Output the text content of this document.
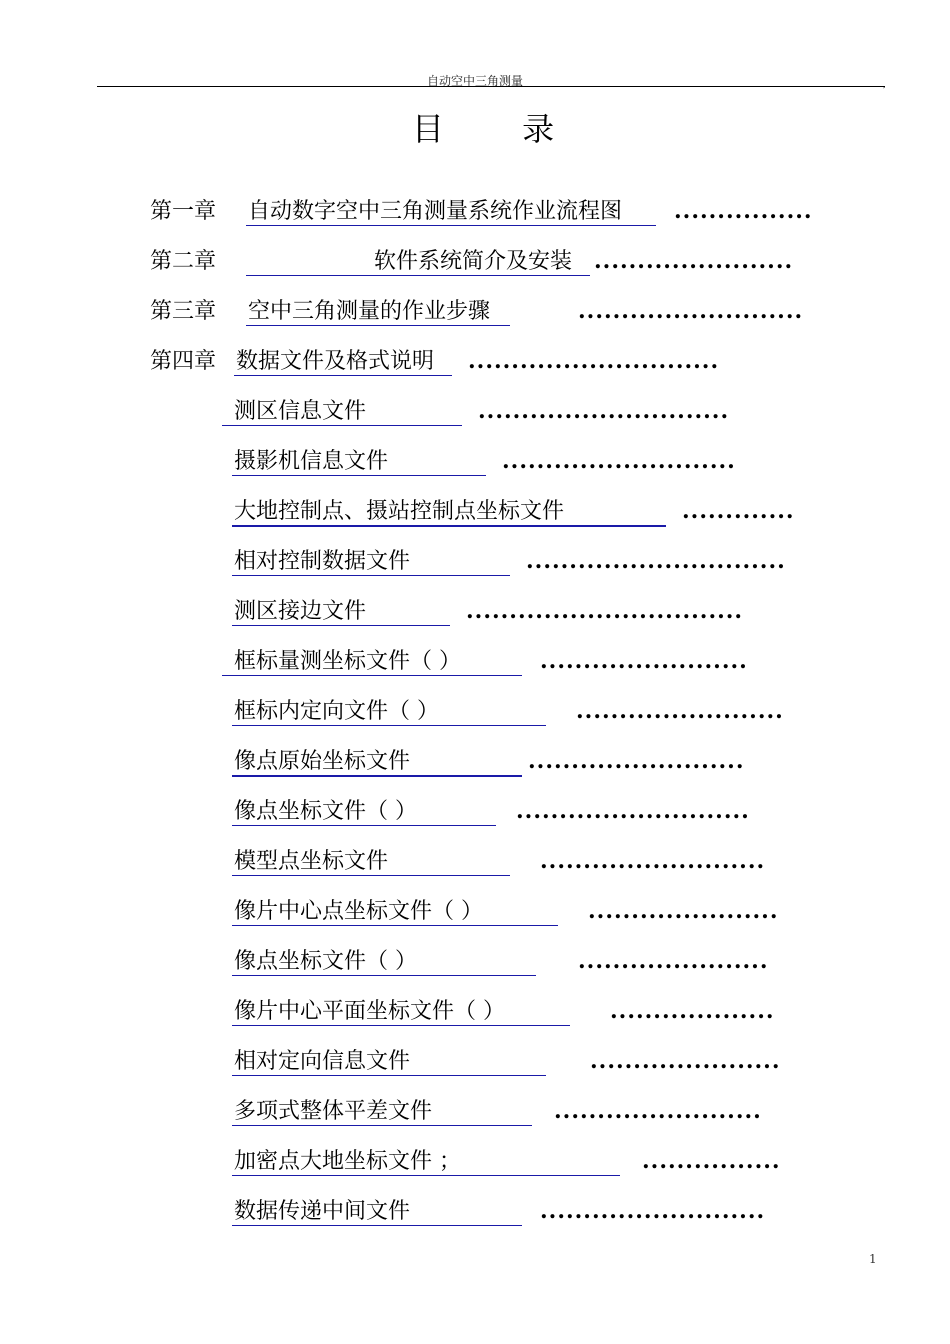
自动空中三角测量	,
目 录
第一章 自动数字空中三角测量系统作业流程图 ................
第二章	软件系统简介及安装 .......................
第三章 空中三角测量的作业步骤	..........................
第四章 数据文件及格式说明 .............................
测区信息文件	.............................
摄影机信息文件	...........................
大地控制点、摄站控制点坐标文件	.............
相对控制数据文件	..............................
测区接边文件	................................
框标量测坐标文件（ ）	........................
框标内定向文件（ ）	........................
像点原始坐标文件	.........................
像点坐标文件（ ）	...........................
模型点坐标文件	..........................
像片中心点坐标文件（ ）	......................
像点坐标文件（ ）	......................
像片中心平面坐标文件（ ）	...................
相对定向信息文件	......................
多项式整体平差文件	........................
加密点大地坐标文件 ；	................
数据传递中间文件	..........................
1
